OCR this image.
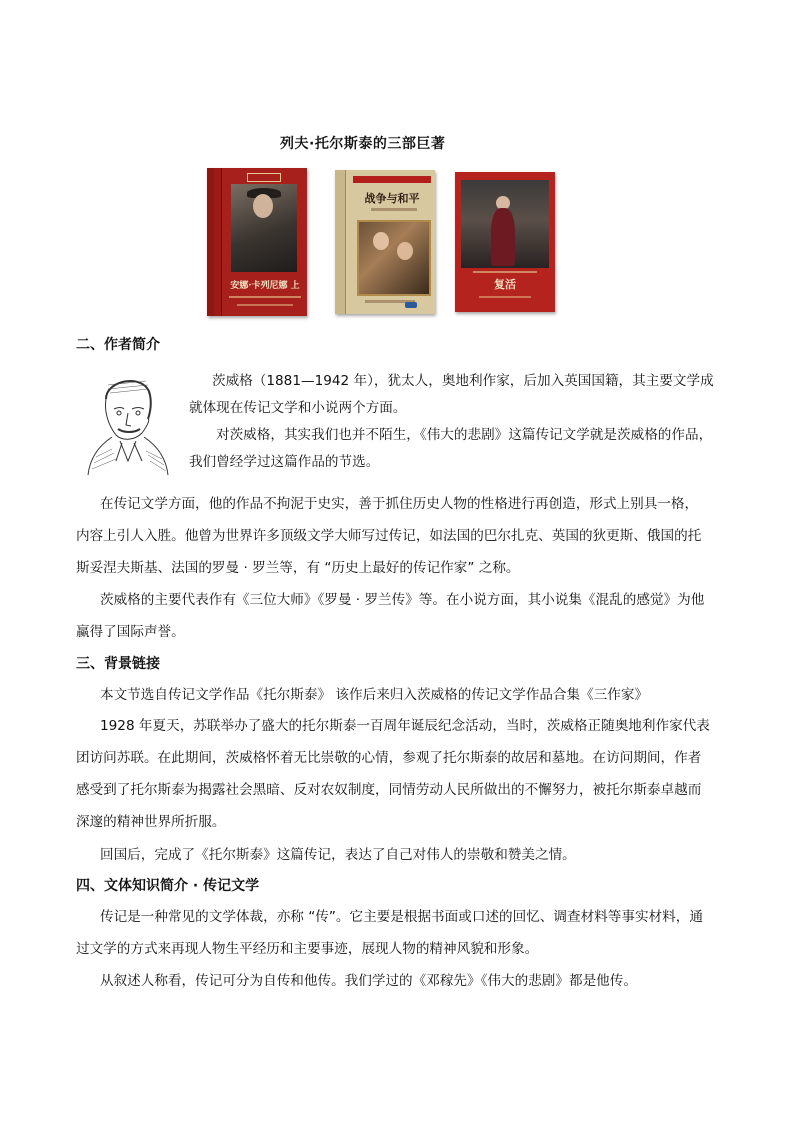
列夫·托尔斯泰的三部巨著
安娜·卡列尼娜 上
战争与和平
复活
二、作者简介
茨威格（1881—1942 年），犹太人，奥地利作家，后加入英国国籍，其主要文学成
就体现在传记文学和小说两个方面。
对茨威格，其实我们也并不陌生，《伟大的悲剧》这篇传记文学就是茨威格的作品，
我们曾经学过这篇作品的节选。
在传记文学方面，他的作品不拘泥于史实，善于抓住历史人物的性格进行再创造，形式上别具一格，
内容上引人入胜。他曾为世界许多顶级文学大师写过传记，如法国的巴尔扎克、英国的狄更斯、俄国的托
斯妥涅夫斯基、法国的罗曼 · 罗兰等，有 “历史上最好的传记作家” 之称。
茨威格的主要代表作有《三位大师》《罗曼 · 罗兰传》等。在小说方面，其小说集《混乱的感觉》为他
赢得了国际声誉。
三、背景链接
本文节选自传记文学作品《托尔斯泰》 该作后来归入茨威格的传记文学作品合集《三作家》
1928 年夏天，苏联举办了盛大的托尔斯泰一百周年诞辰纪念活动，当时，茨威格正随奥地利作家代表
团访问苏联。在此期间，茨威格怀着无比崇敬的心情，参观了托尔斯泰的故居和墓地。在访问期间，作者
感受到了托尔斯泰为揭露社会黑暗、反对农奴制度，同情劳动人民所做出的不懈努力，被托尔斯泰卓越而
深邃的精神世界所折服。
回国后，完成了《托尔斯泰》这篇传记，表达了自己对伟人的崇敬和赞美之情。
四、文体知识简介 · 传记文学
传记是一种常见的文学体裁，亦称 “传”。它主要是根据书面或口述的回忆、调查材料等事实材料，通
过文学的方式来再现人物生平经历和主要事迹，展现人物的精神风貌和形象。
从叙述人称看，传记可分为自传和他传。我们学过的《邓稼先》《伟大的悲剧》都是他传。
